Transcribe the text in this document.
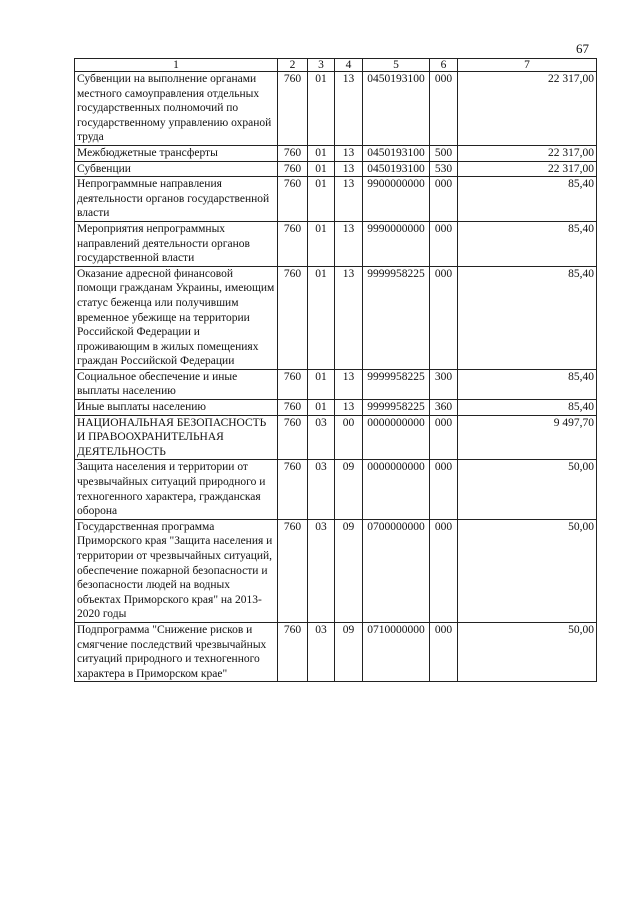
67
1	2	3	4	5	6	7
Субвенции на выполнение органами местного самоуправления отдельных государственных полномочий по государственному управлению охраной труда	760	01	13	0450193100	000	22 317,00
Межбюджетные трансферты	760	01	13	0450193100	500	22 317,00
Субвенции	760	01	13	0450193100	530	22 317,00
Непрограммные направления деятельности органов государственной власти	760	01	13	9900000000	000	85,40
Мероприятия непрограммных направлений деятельности органов государственной власти	760	01	13	9990000000	000	85,40
Оказание адресной финансовой помощи гражданам Украины, имеющим статус беженца или получившим временное убежище на территории Российской Федерации и проживающим в жилых помещениях граждан Российской Федерации	760	01	13	9999958225	000	85,40
Социальное обеспечение и иные выплаты населению	760	01	13	9999958225	300	85,40
Иные выплаты населению	760	01	13	9999958225	360	85,40
НАЦИОНАЛЬНАЯ БЕЗОПАСНОСТЬ И ПРАВООХРАНИТЕЛЬНАЯ ДЕЯТЕЛЬНОСТЬ	760	03	00	0000000000	000	9 497,70
Защита населения и территории от чрезвычайных ситуаций природного и техногенного характера, гражданская оборона	760	03	09	0000000000	000	50,00
Государственная программа Приморского края "Защита населения и территории от чрезвычайных ситуаций, обеспечение пожарной безопасности и безопасности людей на водных объектах Приморского края" на 2013-2020 годы	760	03	09	0700000000	000	50,00
Подпрограмма "Снижение рисков и смягчение последствий чрезвычайных ситуаций природного и техногенного характера в Приморском крае"	760	03	09	0710000000	000	50,00
